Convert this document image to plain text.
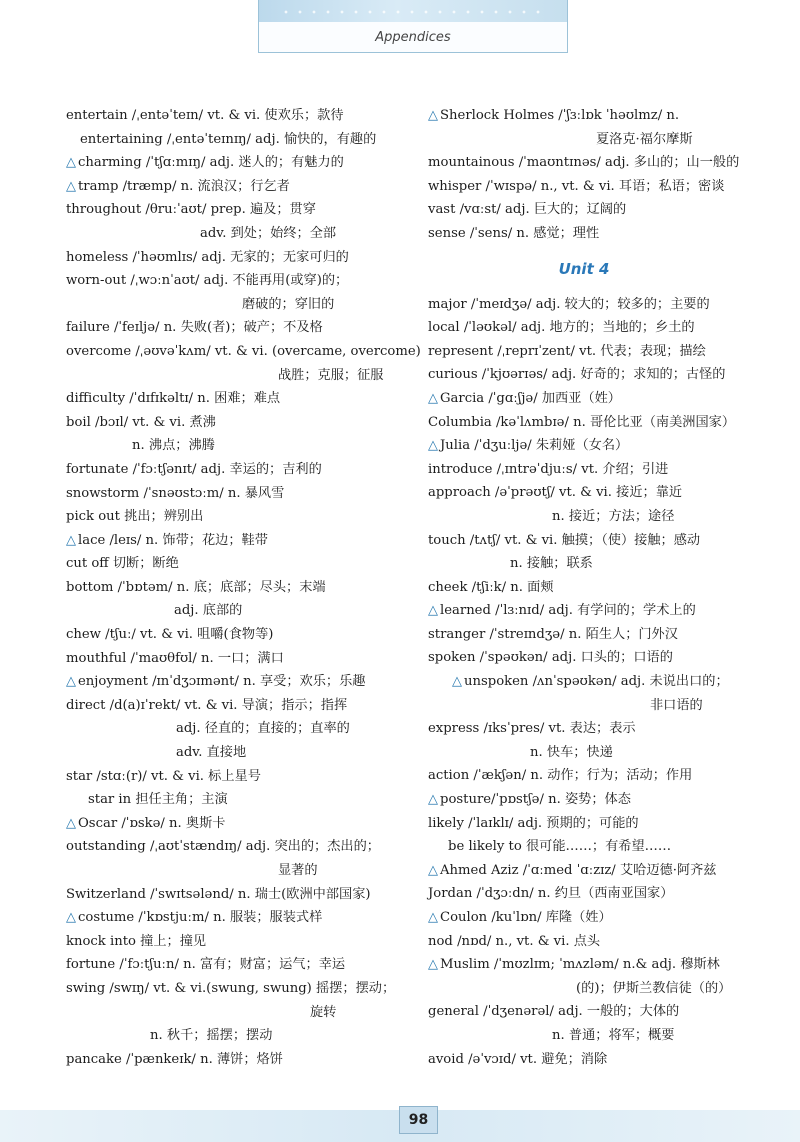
Appendices
entertain /ˌentəˈteɪn/ vt. & vi. 使欢乐；款待
entertaining /ˌentəˈteɪnɪŋ/ adj. 愉快的，有趣的
△ charming /ˈtʃɑːmɪŋ/ adj. 迷人的；有魅力的
△ tramp /træmp/ n. 流浪汉；行乞者
throughout /θruːˈaʊt/ prep. 遍及；贯穿
adv. 到处；始终；全部
homeless /ˈhəʊmlɪs/ adj. 无家的；无家可归的
worn-out /ˌwɔːnˈaʊt/ adj. 不能再用(或穿)的；
磨破的；穿旧的
failure /ˈfeɪljə/ n. 失败(者)；破产；不及格
overcome /ˌəʊvəˈkʌm/ vt. & vi. (overcame, overcome)
战胜；克服；征服
difficulty /ˈdɪfɪkəltɪ/ n. 困难；难点
boil /bɔɪl/ vt. & vi. 煮沸
n. 沸点；沸腾
fortunate /ˈfɔːtʃənɪt/ adj. 幸运的；吉利的
snowstorm /ˈsnəʊstɔːm/ n. 暴风雪
pick out 挑出；辨别出
△ lace /leɪs/ n. 饰带；花边；鞋带
cut off 切断；断绝
bottom /ˈbɒtəm/ n. 底；底部；尽头；末端
adj. 底部的
chew /tʃuː/ vt. & vi. 咀嚼(食物等)
mouthful /ˈmaʊθfʊl/ n. 一口；满口
△ enjoyment /ɪnˈdʒɔɪmənt/ n. 享受；欢乐；乐趣
direct /d(a)ɪˈrekt/ vt. & vi. 导演；指示；指挥
adj. 径直的；直接的；直率的
adv. 直接地
star /stɑː(r)/ vt. & vi. 标上星号
star in 担任主角；主演
△ Oscar /ˈɒskə/ n. 奥斯卡
outstanding /ˌaʊtˈstændɪŋ/ adj. 突出的；杰出的；
显著的
Switzerland /ˈswɪtsələnd/ n. 瑞士(欧洲中部国家)
△ costume /ˈkɒstjuːm/ n. 服装；服装式样
knock into 撞上；撞见
fortune /ˈfɔːtʃuːn/ n. 富有；财富；运气；幸运
swing /swɪŋ/ vt. & vi.(swung, swung) 摇摆；摆动；
旋转
n. 秋千；摇摆；摆动
pancake /ˈpænkeɪk/ n. 薄饼；烙饼
△ Sherlock Holmes /ˈʃɜːlɒk ˈhəʊlmz/ n.
夏洛克·福尔摩斯
mountainous /ˈmaʊntɪnəs/ adj. 多山的；山一般的
whisper /ˈwɪspə/ n., vt. & vi. 耳语；私语；密谈
vast /vɑːst/ adj. 巨大的；辽阔的
sense /ˈsens/ n. 感觉；理性
Unit 4
major /ˈmeɪdʒə/ adj. 较大的；较多的；主要的
local /ˈləʊkəl/ adj. 地方的；当地的；乡土的
represent /ˌreprɪˈzent/ vt. 代表；表现；描绘
curious /ˈkjʊərɪəs/ adj. 好奇的；求知的；古怪的
△ Garcia /ˈgɑːʃjə/ 加西亚（姓）
Columbia /kəˈlʌmbɪə/ n. 哥伦比亚（南美洲国家）
△ Julia /ˈdʒuːljə/ 朱莉娅（女名）
introduce /ˌɪntrəˈdjuːs/ vt. 介绍；引进
approach /əˈprəʊtʃ/ vt. & vi. 接近；靠近
n. 接近；方法；途径
touch /tʌtʃ/ vt. & vi. 触摸；（使）接触；感动
n. 接触；联系
cheek /tʃiːk/ n. 面颊
△ learned /ˈlɜːnɪd/ adj. 有学问的；学术上的
stranger /ˈstreɪndʒə/ n. 陌生人；门外汉
spoken /ˈspəʊkən/ adj. 口头的；口语的
△ unspoken /ʌnˈspəʊkən/ adj. 未说出口的；
非口语的
express /ɪksˈpres/ vt. 表达；表示
n. 快车；快递
action /ˈækʃən/ n. 动作；行为；活动；作用
△ posture/ˈpɒstʃə/ n. 姿势；体态
likely /ˈlaɪklɪ/ adj. 预期的；可能的
be likely to 很可能……；有希望……
△ Ahmed Aziz /ˈɑːmed ˈɑːzɪz/ 艾哈迈德·阿齐兹
Jordan /ˈdʒɔːdn/ n. 约旦（西南亚国家）
△ Coulon /kuˈlɒn/ 库隆（姓）
nod /nɒd/ n., vt. & vi. 点头
△ Muslim /ˈmʊzlɪm; ˈmʌzləm/ n.& adj. 穆斯林
(的)；伊斯兰教信徒（的）
general /ˈdʒenərəl/ adj. 一般的；大体的
n. 普通；将军；概要
avoid /əˈvɔɪd/ vt. 避免；消除
98
